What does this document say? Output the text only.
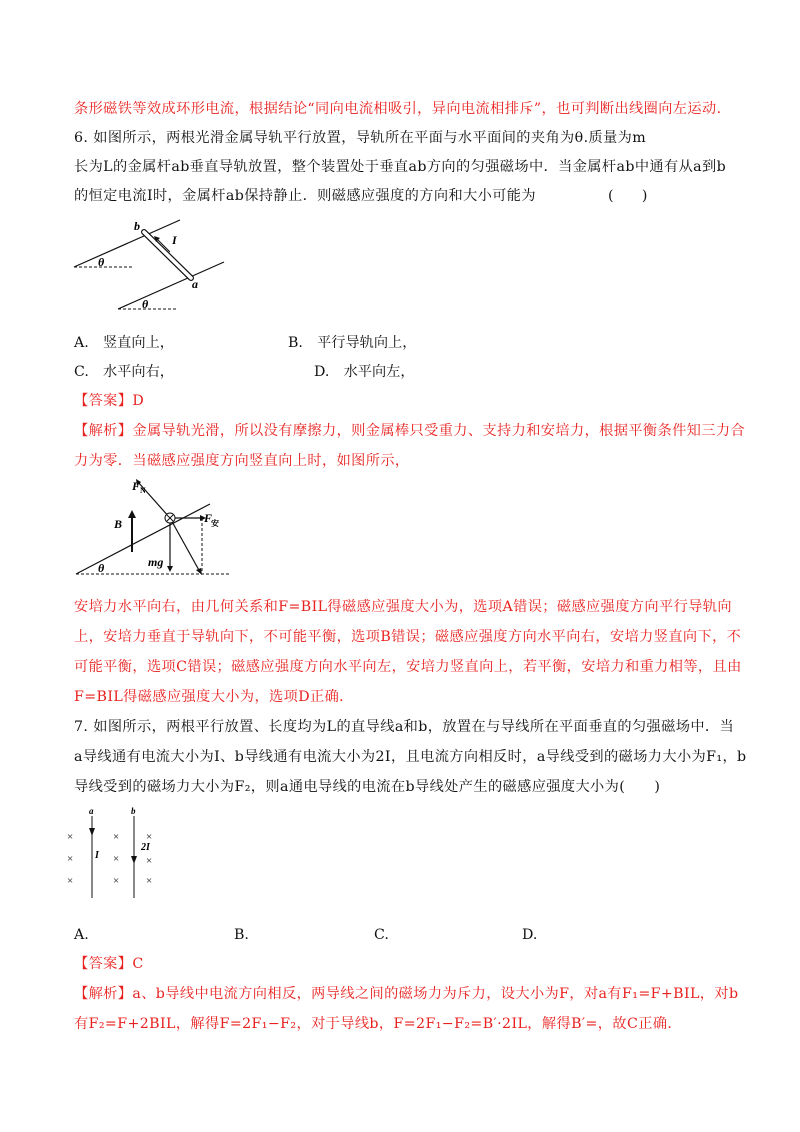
条形磁铁等效成环形电流，根据结论“同向电流相吸引，异向电流相排斥”，也可判断出线圈向左运动.
6. 如图所示，两根光滑金属导轨平行放置，导轨所在平面与水平面间的夹角为θ.质量为m
长为L的金属杆ab垂直导轨放置，整个装置处于垂直ab方向的匀强磁场中．当金属杆ab中通有从a到b
的恒定电流I时，金属杆ab保持静止．则磁感应强度的方向和大小可能为	(　　)
b
a
I
θ
θ
A.　竖直向上，	B.　平行导轨向上，
C.　水平向右，	D.　水平向左，
【答案】D
【解析】金属导轨光滑，所以没有摩擦力，则金属棒只受重力、支持力和安培力，根据平衡条件知三力合
力为零．当磁感应强度方向竖直向上时，如图所示，
F N
B	F
安
mg
θ
安培力水平向右，由几何关系和F=BIL得磁感应强度大小为，选项A错误；磁感应强度方向平行导轨向
上，安培力垂直于导轨向下，不可能平衡，选项B错误；磁感应强度方向水平向右，安培力竖直向下，不
可能平衡，选项C错误；磁感应强度方向水平向左，安培力竖直向上，若平衡，安培力和重力相等，且由
F=BIL得磁感应强度大小为，选项D正确．
7. 如图所示，两根平行放置、长度均为L的直导线a和b，放置在与导线所在平面垂直的匀强磁场中．当
a导线通有电流大小为I、b导线通有电流大小为2I，且电流方向相反时，a导线受到的磁场力大小为F₁，b
导线受到的磁场力大小为F₂，则a通电导线的电流在b导线处产生的磁感应强度大小为(　　)
a	b
I
2I
×	× ×
×	× ×
×	× ×
A.	B.	C.	D.
【答案】C
【解析】a、b导线中电流方向相反，两导线之间的磁场力为斥力，设大小为F，对a有F₁=F+BIL，对b
有F₂=F+2BIL，解得F=2F₁−F₂，对于导线b，F=2F₁−F₂=B′·2IL，解得B′=，故C正确．
